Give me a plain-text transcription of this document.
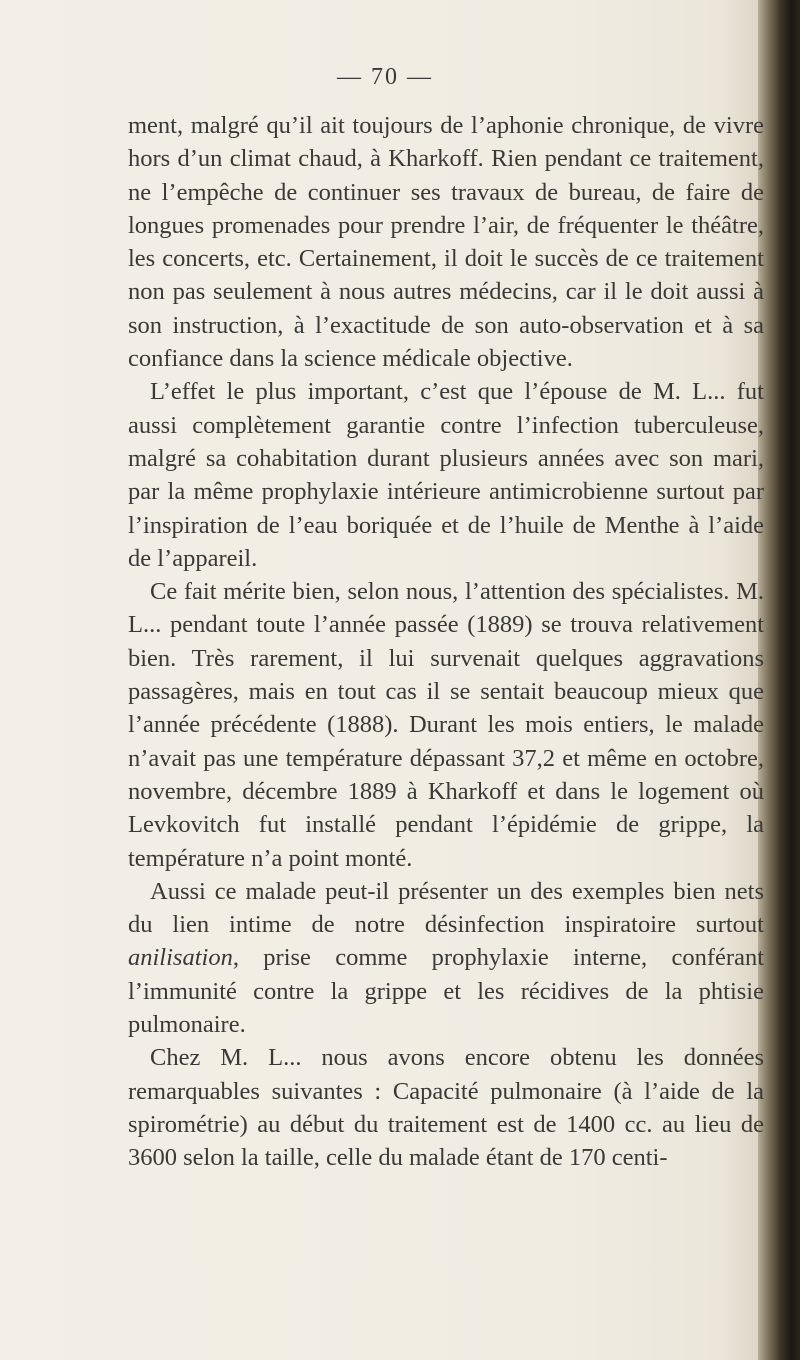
— 70 —

ment, malgré qu’il ait toujours de l’aphonie chronique, de vivre hors d’un climat chaud, à Kharkoff. Rien pendant ce traitement, ne l’empêche de continuer ses travaux de bureau, de faire de longues promenades pour prendre l’air, de fréquenter le théâtre, les concerts, etc. Certainement, il doit le succès de ce traitement non pas seulement à nous autres médecins, car il le doit aussi à son instruction, à l’exactitude de son auto-observation et à sa confiance dans la science médicale objective.

L’effet le plus important, c’est que l’épouse de M. L... fut aussi complètement garantie contre l’infection tuberculeuse, malgré sa cohabitation durant plusieurs années avec son mari, par la même prophylaxie intérieure antimicrobienne surtout par l’inspiration de l’eau boriquée et de l’huile de Menthe à l’aide de l’appareil.

Ce fait mérite bien, selon nous, l’attention des spécialistes. M. L... pendant toute l’année passée (1889) se trouva relativement bien. Très rarement, il lui survenait quelques aggravations passagères, mais en tout cas il se sentait beaucoup mieux que l’année précédente (1888). Durant les mois entiers, le malade n’avait pas une température dépassant 37,2 et même en octobre, novembre, décembre 1889 à Kharkoff et dans le logement où Levkovitch fut installé pendant l’épidémie de grippe, la température n’a point monté.

Aussi ce malade peut-il présenter un des exemples bien nets du lien intime de notre désinfection inspiratoire surtout anilisation, prise comme prophylaxie interne, conférant l’immunité contre la grippe et les récidives de la phtisie pulmonaire.

Chez M. L... nous avons encore obtenu les données remarquables suivantes : Capacité pulmonaire (à l’aide de la spirométrie) au début du traitement est de 1400 cc. au lieu de 3600 selon la taille, celle du malade étant de 170 centi-
